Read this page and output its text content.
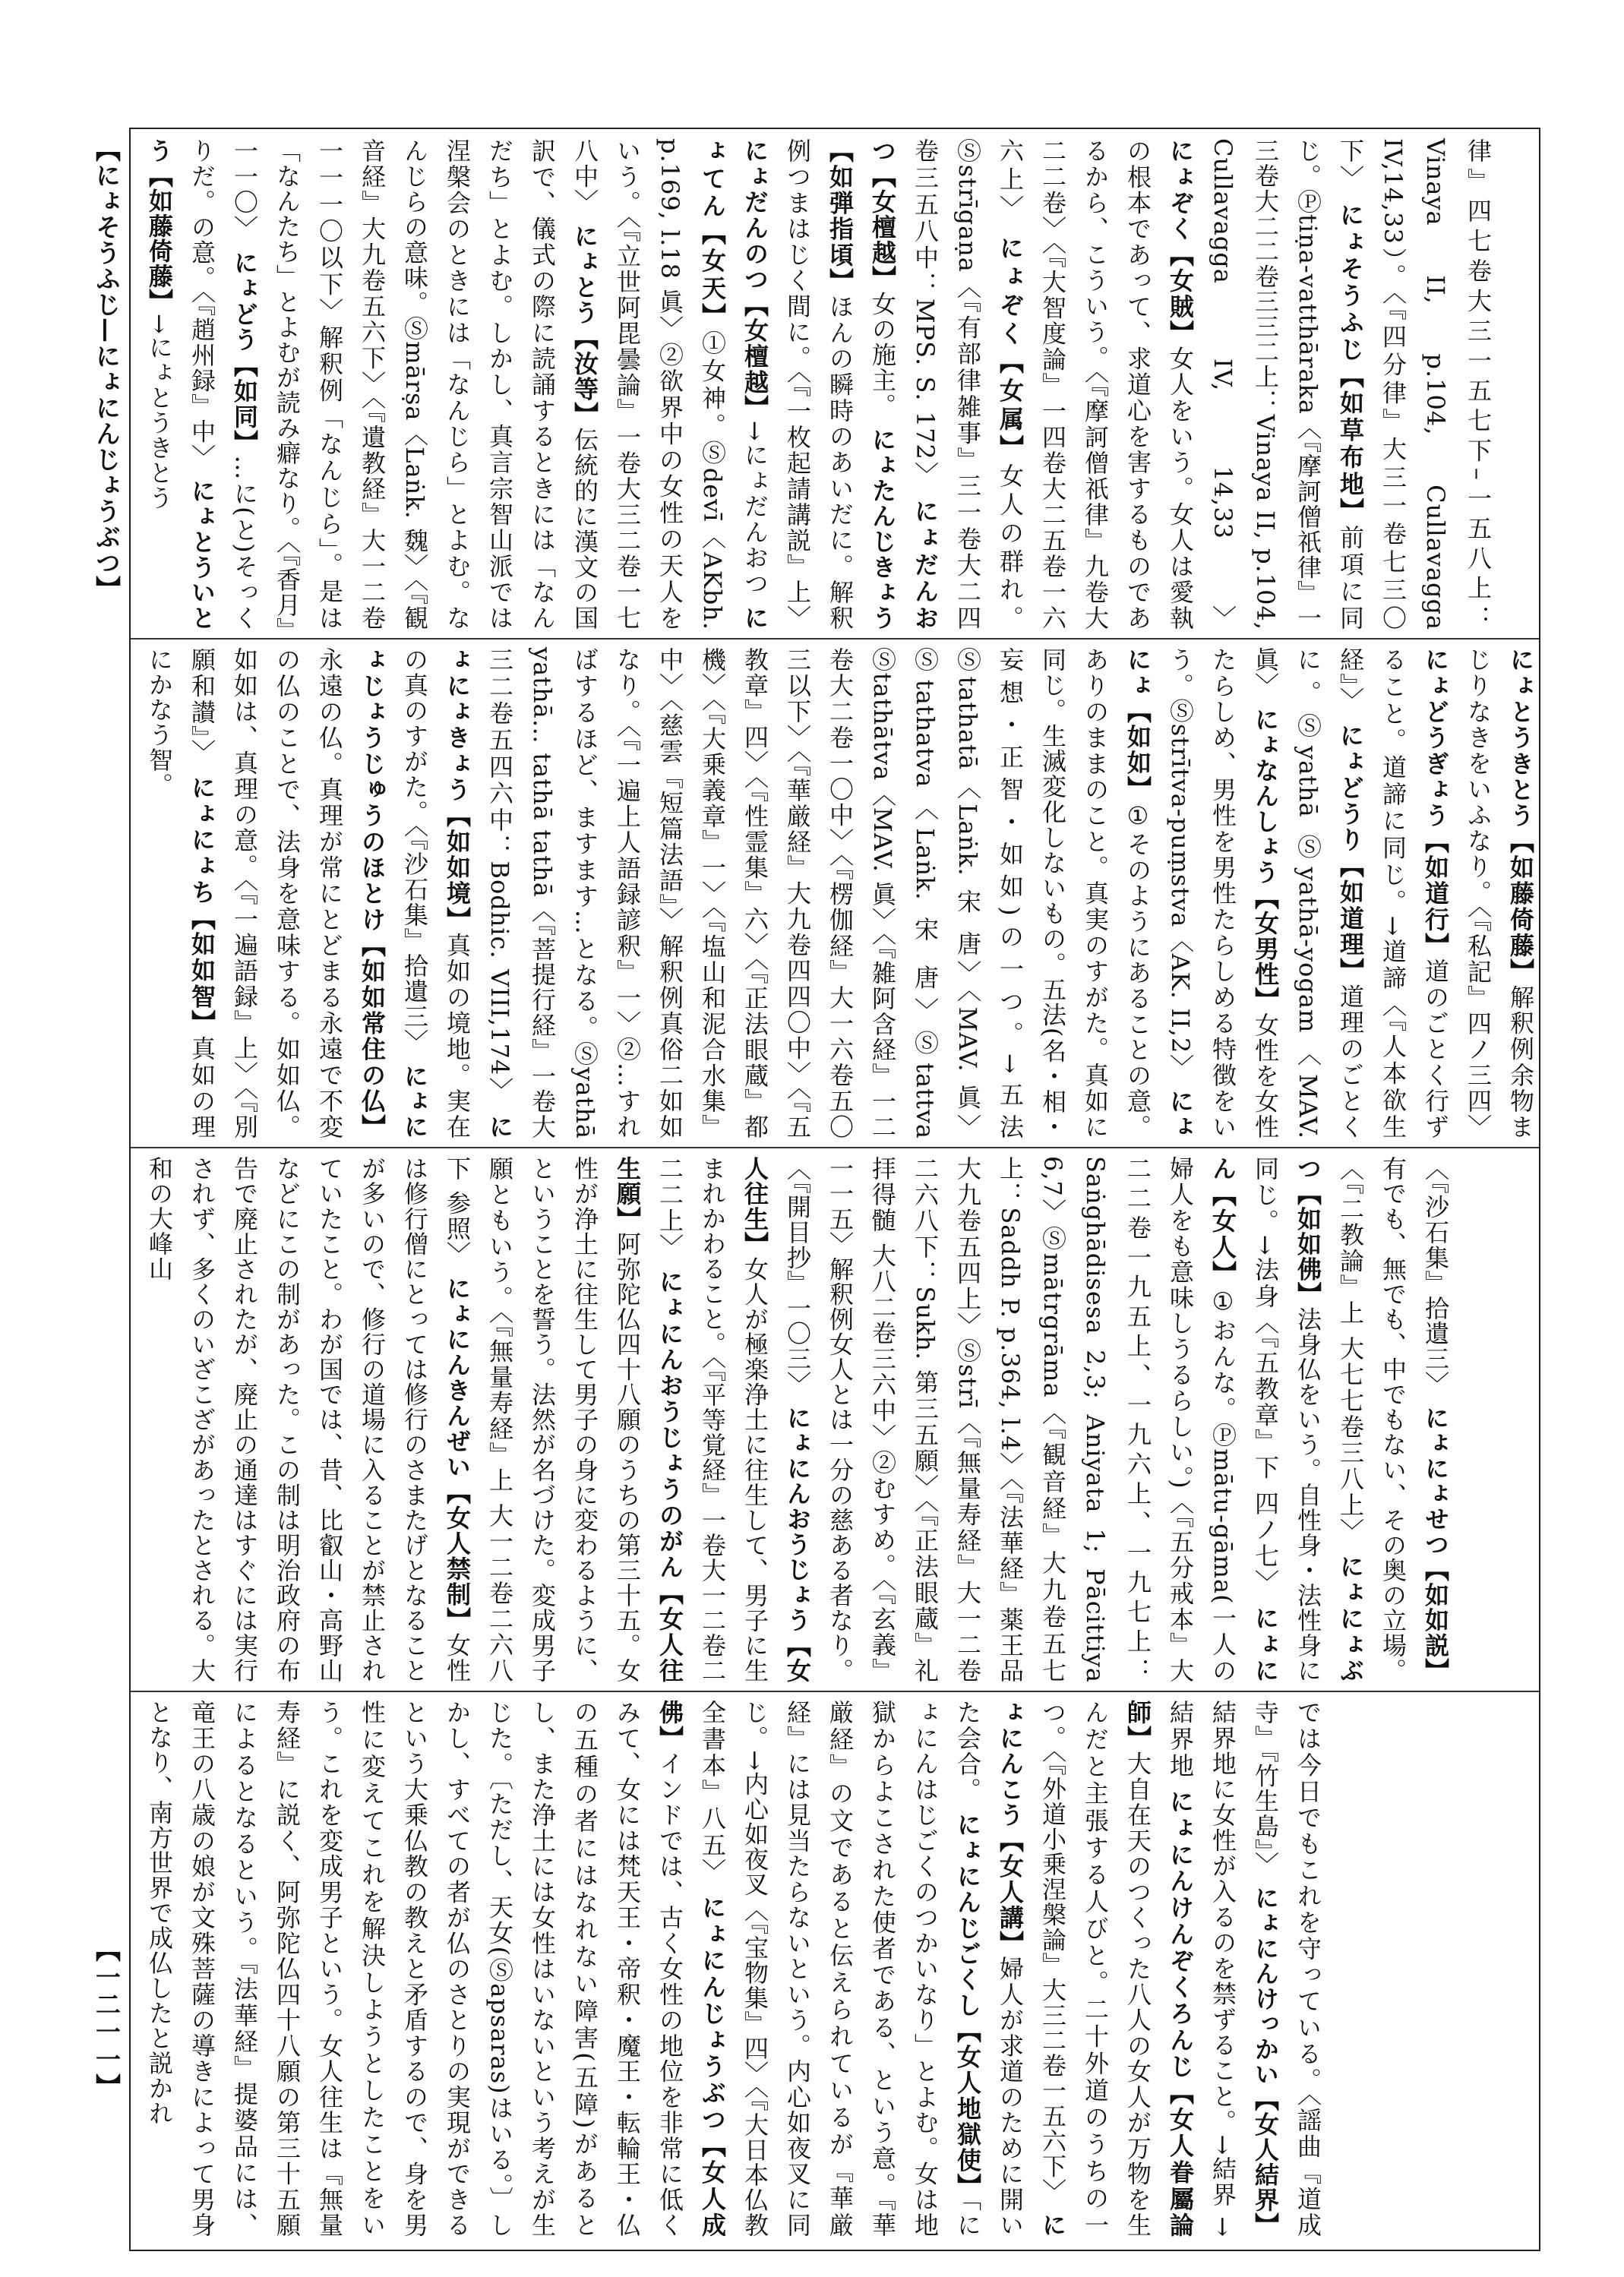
【にょそうふじ—にょにんじょうぶつ】
【一二一一】
律』四七卷大三一五七下–一五八上：Vinaya II, p.104, Cullavagga IV,14,33）。〈『四分律』大三一卷七三〇下〉 にょそうふじ【如草布地】前項に同じ。Ⓟtiṇa-vatthāraka〈『摩訶僧祇律』一三卷大二二卷三三二上：Vinaya II, p.104, Cullavagga IV, 14,33〉 にょぞく【女賊】女人をいう。女人は愛執の根本であって、求道心を害するものであるから、こういう。〈『摩訶僧祇律』九卷大二二卷〉〈『大智度論』一四卷大二五卷一六六上〉 にょぞく【女属】女人の群れ。Ⓢstrīgaṇa〈『有部律雑事』三一卷大二四卷三五八中：MPS. S. 172〉 にょだんおつ【女檀越】女の施主。 にょたんじきょう【如弾指頃】ほんの瞬時のあいだに。解釈例つまはじく間に。〈『一枚起請講説』上〉 にょだんのつ【女檀越】→にょだんおつ にょてん【女天】①女神。Ⓢdevī〈AKbh. p.169, l.18 眞〉②欲界中の女性の天人をいう。〈『立世阿毘曇論』一卷大三二卷一七八中〉 にょとう【汝等】伝統的に漢文の国訳で、儀式の際に読誦するときには「なんだち」とよむ。しかし、真言宗智山派では涅槃会のときには「なんじら」とよむ。なんじらの意味。Ⓢmārṣa〈Laṅk. 魏〉〈『観音経』大九卷五六下〉〈『遺教経』大一二卷一一一〇以下〉解釈例「なんじら」。是は「なんたち」とよむが読み癖なり。〈『香月』一一〇〉 にょどう【如同】…に(と)そっくりだ。の意。〈『趙州録』中〉 にょとういとう【如藤倚藤】→にょとうきとう
にょとうきとう【如藤倚藤】解釈例余物まじりなきをいふなり。〈『私記』四ノ三四〉 にょどうぎょう【如道行】道のごとく行ずること。道諦に同じ。→道諦〈『人本欲生経』〉 にょどうり【如道理】道理のごとくに。Ⓢyathā Ⓢyathā-yogam〈MAV. 眞〉 にょなんしょう【女男性】女性を女性たらしめ、男性を男性たらしめる特徴をいう。Ⓢstrītva-puṃstva〈AK. II,2〉 にょにょ【如如】①そのようにあることの意。ありのままのこと。真実のすがた。真如に同じ。生滅変化しないもの。五法(名・相・妄想・正智・如如)の一つ。→五法 Ⓢtathatā〈Laṅk. 宋 唐〉〈MAV. 眞〉Ⓢtathatva〈Laṅk. 宋 唐〉Ⓢtattva Ⓢtathātva〈MAV. 眞〉〈『雑阿含経』一二卷大二卷一〇中〉〈『楞伽経』大一六卷五〇三以下〉〈『華厳経』大九卷四四〇中〉〈『五教章』四〉〈『性霊集』六〉〈『正法眼蔵』都機〉〈『大乗義章』一〉〈『塩山和泥合水集』中〉〈慈雲『短篇法語』〉解釈例真俗二如如なり。〈『一遍上人語録諺釈』一〉②…すればするほど、ますます…となる。Ⓢyathā yathā… tathā tathā〈『菩提行経』一卷大三二卷五四六中：Bodhic. VIII,174〉 にょにょきょう【如如境】真如の境地。実在の真のすがた。〈『沙石集』拾遺三〉 にょにょじょうじゅうのほとけ【如如常住の仏】永遠の仏。真理が常にとどまる永遠で不変の仏のことで、法身を意味する。如如仏。如如は、真理の意。〈『一遍語録』上〉〈『別願和讃』〉 にょにょち【如如智】真如の理にかなう智。
〈『沙石集』拾遺三〉 にょにょせつ【如如説】有でも、無でも、中でもない、その奥の立場。〈『二教論』上 大七七卷三八上〉 にょにょぶつ【如如佛】法身仏をいう。自性身・法性身に同じ。→法身〈『五教章』下 四ノ七〉 にょにん【女人】①おんな。Ⓟmātu-gāma(一人の婦人をも意味しうるらしい。)〈『五分戒本』大二二卷一九五上、一九六上、一九七上：Saṅghādisesa 2,3; Aniyata 1; Pācittiya 6,7〉Ⓢmātrgrāma〈『観音経』大九卷五七上：Saddh P. p.364, l.4〉〈『法華経』薬王品 大九卷五四上〉Ⓢstrī〈『無量寿経』大一二卷二六八下：Sukh. 第三五願〉〈『正法眼蔵』礼拝得髄 大八二卷三六中〉②むすめ。〈『玄義』一一五〉解釈例女人とは一分の慈ある者なり。〈『開目抄』一〇三〉 にょにんおうじょう【女人往生】女人が極楽浄土に往生して、男子に生まれかわること。〈『平等覚経』一卷大一二卷二二二上〉 にょにんおうじょうのがん【女人往生願】阿弥陀仏四十八願のうちの第三十五。女性が浄土に往生して男子の身に変わるように、ということを誓う。法然が名づけた。変成男子願ともいう。〈『無量寿経』上 大一二卷二六八下 参照〉 にょにんきんぜい【女人禁制】女性は修行僧にとっては修行のさまたげとなることが多いので、修行の道場に入ることが禁止されていたこと。わが国では、昔、比叡山・高野山などにこの制があった。この制は明治政府の布告で廃止されたが、廃止の通達はすぐには実行されず、多くのいざこざがあったとされる。大和の大峰山
では今日でもこれを守っている。〈謡曲『道成寺』『竹生島』〉 にょにんけっかい【女人結界】結界地に女性が入るのを禁ずること。→結界 →結界地 にょにんけんぞくろんじ【女人眷屬論師】大自在天のつくった八人の女人が万物を生んだと主張する人びと。二十外道のうちの一つ。〈『外道小乗涅槃論』大三二卷一五六下〉 にょにんこう【女人講】婦人が求道のために開いた会合。 にょにんじごくし【女人地獄使】「にょにんはじごくのつかいなり」とよむ。女は地獄からよこされた使者である、という意。『華厳経』の文であると伝えられているが『華厳経』には見当たらないという。内心如夜叉に同じ。→内心如夜叉〈『宝物集』四〉〈『大日本仏教全書本』八五〉 にょにんじょうぶつ【女人成佛】インドでは、古く女性の地位を非常に低くみて、女には梵天王・帝釈・魔王・転輪王・仏の五種の者にはなれない障害(五障)があるとし、また浄土には女性はいないという考えが生じた。〔ただし、天女(Ⓢapsaras)はいる。〕しかし、すべての者が仏のさとりの実現ができるという大乗仏教の教えと矛盾するので、身を男性に変えてこれを解決しようとしたことをいう。これを変成男子という。女人往生は『無量寿経』に説く、阿弥陀仏四十八願の第三十五願によるとなるという。『法華経』提婆品には、竜王の八歳の娘が文殊菩薩の導きによって男身となり、南方世界で成仏したと説かれ
